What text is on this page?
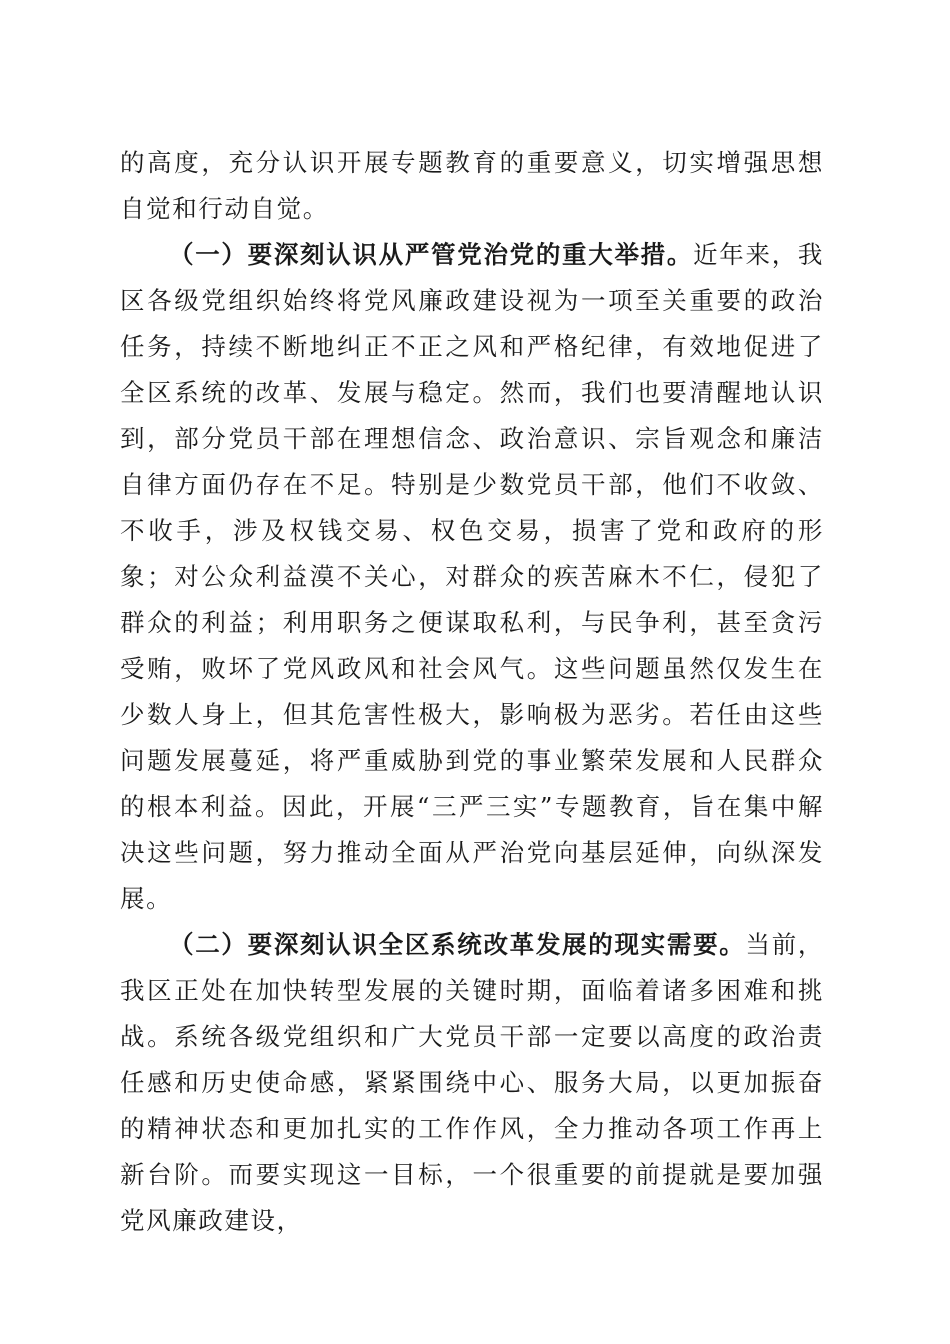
的高度，充分认识开展专题教育的重要意义，切实增强思想自觉和行动自觉。

（一）要深刻认识从严管党治党的重大举措。近年来，我区各级党组织始终将党风廉政建设视为一项至关重要的政治任务，持续不断地纠正不正之风和严格纪律，有效地促进了全区系统的改革、发展与稳定。然而，我们也要清醒地认识到，部分党员干部在理想信念、政治意识、宗旨观念和廉洁自律方面仍存在不足。特别是少数党员干部，他们不收敛、不收手，涉及权钱交易、权色交易，损害了党和政府的形象；对公众利益漠不关心，对群众的疾苦麻木不仁，侵犯了群众的利益；利用职务之便谋取私利，与民争利，甚至贪污受贿，败坏了党风政风和社会风气。这些问题虽然仅发生在少数人身上，但其危害性极大，影响极为恶劣。若任由这些问题发展蔓延，将严重威胁到党的事业繁荣发展和人民群众的根本利益。因此，开展“三严三实”专题教育，旨在集中解决这些问题，努力推动全面从严治党向基层延伸，向纵深发展。

（二）要深刻认识全区系统改革发展的现实需要。当前，我区正处在加快转型发展的关键时期，面临着诸多困难和挑战。系统各级党组织和广大党员干部一定要以高度的政治责任感和历史使命感，紧紧围绕中心、服务大局，以更加振奋的精神状态和更加扎实的工作作风，全力推动各项工作再上新台阶。而要实现这一目标，一个很重要的前提就是要加强党风廉政建设，
